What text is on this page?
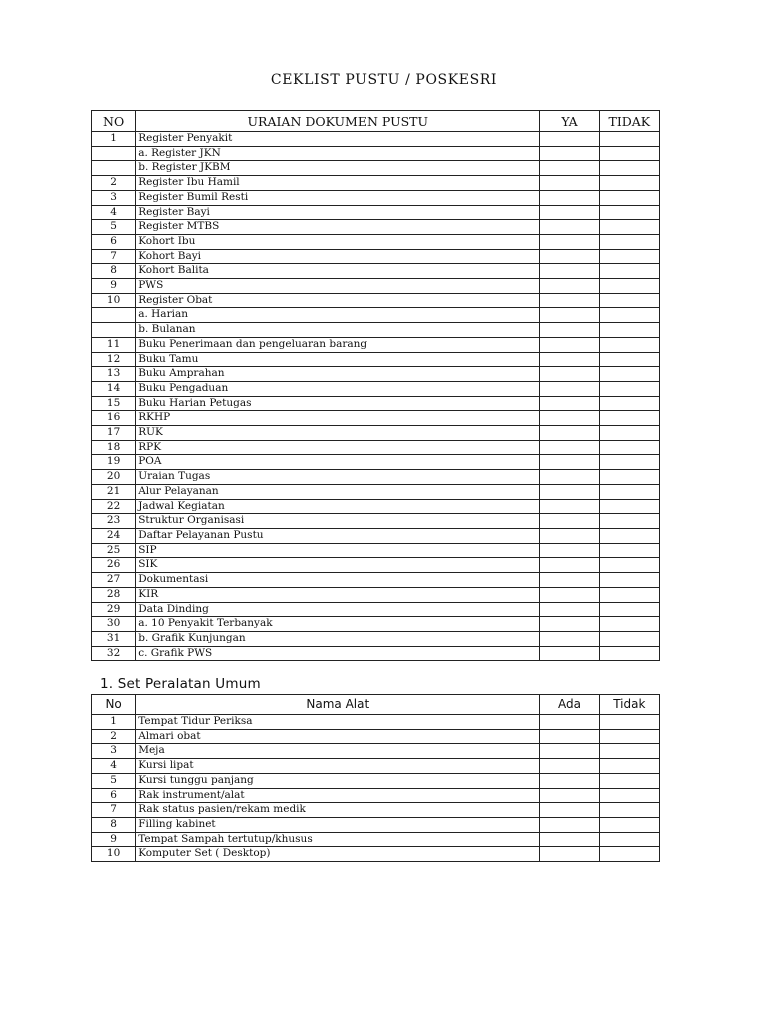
CEKLIST PUSTU / POSKESRI
NO	URAIAN DOKUMEN PUSTU	YA	TIDAK
1	Register Penyakit		
	a. Register JKN		
	b. Register JKBM		
2	Register Ibu Hamil		
3	Register Bumil Resti		
4	Register Bayi		
5	Register MTBS		
6	Kohort Ibu		
7	Kohort Bayi		
8	Kohort Balita		
9	PWS		
10	Register Obat		
	a. Harian		
	b. Bulanan		
11	Buku Penerimaan dan pengeluaran barang		
12	Buku Tamu		
13	Buku Amprahan		
14	Buku Pengaduan		
15	Buku Harian Petugas		
16	RKHP		
17	RUK		
18	RPK		
19	POA		
20	Uraian Tugas		
21	Alur Pelayanan		
22	Jadwal Kegiatan		
23	Struktur Organisasi		
24	Daftar Pelayanan Pustu		
25	SIP		
26	SIK		
27	Dokumentasi		
28	KIR		
29	Data Dinding		
30	a. 10 Penyakit Terbanyak		
31	b. Grafik Kunjungan		
32	c. Grafik PWS		
1. Set Peralatan Umum
No	Nama Alat	Ada	Tidak
1	Tempat Tidur Periksa		
2	Almari obat		
3	Meja		
4	Kursi lipat		
5	Kursi tunggu panjang		
6	Rak instrument/alat		
7	Rak status pasien/rekam medik		
8	Filling kabinet		
9	Tempat Sampah tertutup/khusus		
10	Komputer Set ( Desktop)		
